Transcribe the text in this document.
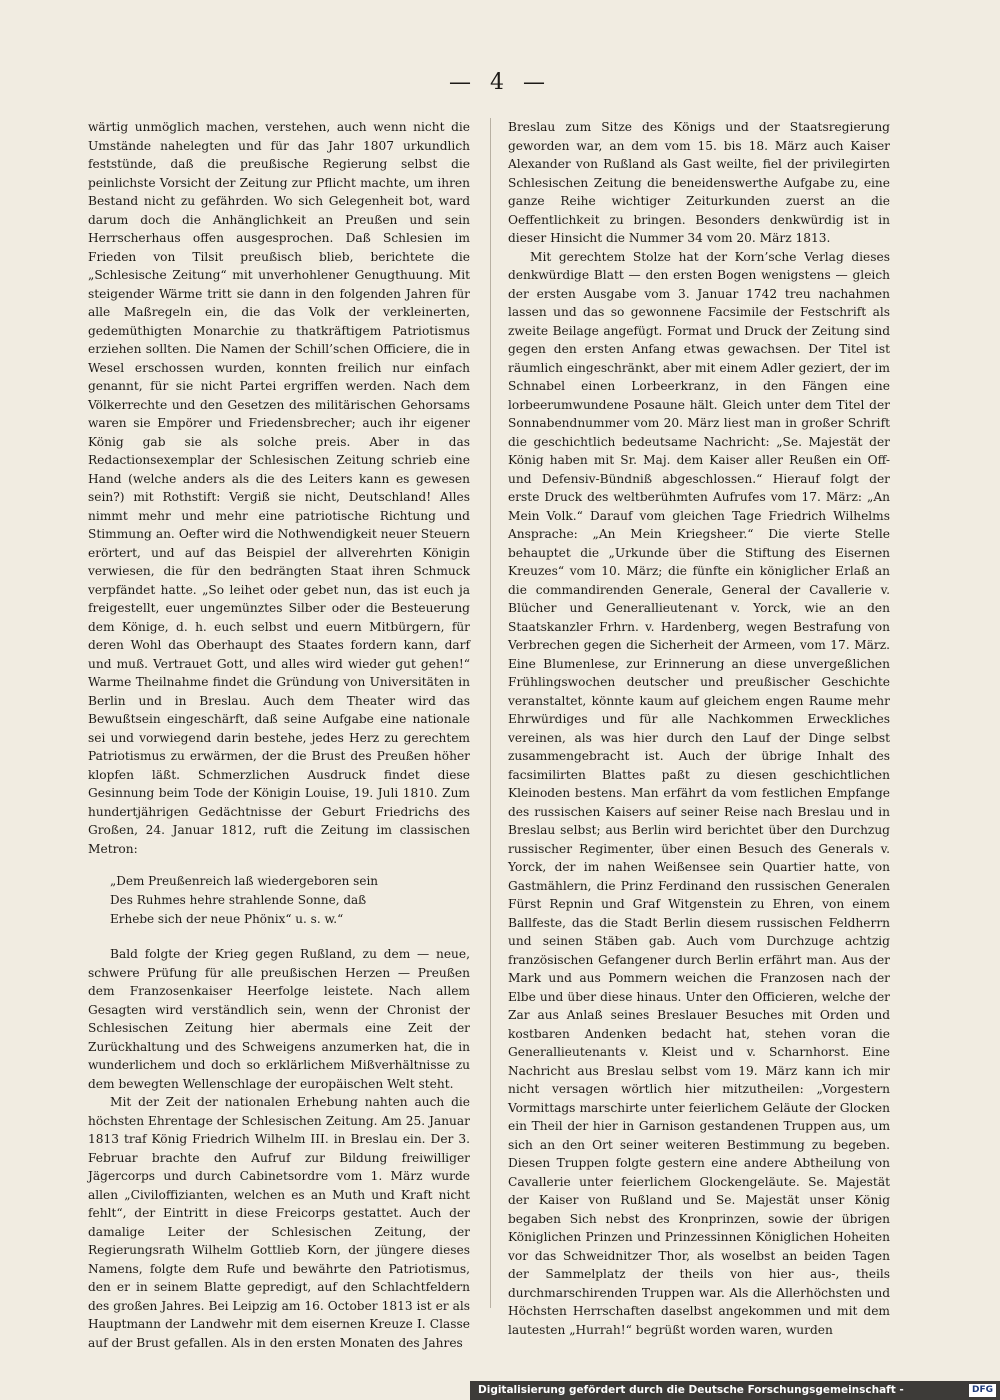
— 4 —

wärtig unmöglich machen, verstehen, auch wenn nicht die Umstände nahelegten und für das Jahr 1807 urkundlich feststünde, daß die preußische Regierung selbst die peinlichste Vorsicht der Zeitung zur Pflicht machte, um ihren Bestand nicht zu gefährden. Wo sich Gelegenheit bot, ward darum doch die Anhänglichkeit an Preußen und sein Herrscherhaus offen ausgesprochen. Daß Schlesien im Frieden von Tilsit preußisch blieb, berichtete die „Schlesische Zeitung“ mit unverhohlener Genugthuung. Mit steigender Wärme tritt sie dann in den folgenden Jahren für alle Maßregeln ein, die das Volk der verkleinerten, gedemüthigten Monarchie zu thatkräftigem Patriotismus erziehen sollten. Die Namen der Schill’schen Officiere, die in Wesel erschossen wurden, konnten freilich nur einfach genannt, für sie nicht Partei ergriffen werden. Nach dem Völkerrechte und den Gesetzen des militärischen Gehorsams waren sie Empörer und Friedensbrecher; auch ihr eigener König gab sie als solche preis. Aber in das Redactionsexemplar der Schlesischen Zeitung schrieb eine Hand (welche anders als die des Leiters kann es gewesen sein?) mit Rothstift: Vergiß sie nicht, Deutschland! Alles nimmt mehr und mehr eine patriotische Richtung und Stimmung an. Oefter wird die Nothwendigkeit neuer Steuern erörtert, und auf das Beispiel der allverehrten Königin verwiesen, die für den bedrängten Staat ihren Schmuck verpfändet hatte. „So leihet oder gebet nun, das ist euch ja freigestellt, euer ungemünztes Silber oder die Besteuerung dem Könige, d. h. euch selbst und euern Mitbürgern, für deren Wohl das Oberhaupt des Staates fordern kann, darf und muß. Vertrauet Gott, und alles wird wieder gut gehen!“ Warme Theilnahme findet die Gründung von Universitäten in Berlin und in Breslau. Auch dem Theater wird das Bewußtsein eingeschärft, daß seine Aufgabe eine nationale sei und vorwiegend darin bestehe, jedes Herz zu gerechtem Patriotismus zu erwärmen, der die Brust des Preußen höher klopfen läßt. Schmerzlichen Ausdruck findet diese Gesinnung beim Tode der Königin Louise, 19. Juli 1810. Zum hundertjährigen Gedächtnisse der Geburt Friedrichs des Großen, 24. Januar 1812, ruft die Zeitung im classischen Metron:

„Dem Preußenreich laß wiedergeboren sein
Des Ruhmes hehre strahlende Sonne, daß
Erhebe sich der neue Phönix“ u. s. w.“

Bald folgte der Krieg gegen Rußland, zu dem — neue, schwere Prüfung für alle preußischen Herzen — Preußen dem Franzosenkaiser Heerfolge leistete. Nach allem Gesagten wird verständlich sein, wenn der Chronist der Schlesischen Zeitung hier abermals eine Zeit der Zurückhaltung und des Schweigens anzumerken hat, die in wunderlichem und doch so erklärlichem Mißverhältnisse zu dem bewegten Wellenschlage der europäischen Welt steht.

Mit der Zeit der nationalen Erhebung nahten auch die höchsten Ehrentage der Schlesischen Zeitung. Am 25. Januar 1813 traf König Friedrich Wilhelm III. in Breslau ein. Der 3. Februar brachte den Aufruf zur Bildung freiwilliger Jägercorps und durch Cabinetsordre vom 1. März wurde allen „Civiloffizianten, welchen es an Muth und Kraft nicht fehlt“, der Eintritt in diese Freicorps gestattet. Auch der damalige Leiter der Schlesischen Zeitung, der Regierungsrath Wilhelm Gottlieb Korn, der jüngere dieses Namens, folgte dem Rufe und bewährte den Patriotismus, den er in seinem Blatte gepredigt, auf den Schlachtfeldern des großen Jahres. Bei Leipzig am 16. October 1813 ist er als Hauptmann der Landwehr mit dem eisernen Kreuze I. Classe auf der Brust gefallen. Als in den ersten Monaten des Jahres

Breslau zum Sitze des Königs und der Staatsregierung geworden war, an dem vom 15. bis 18. März auch Kaiser Alexander von Rußland als Gast weilte, fiel der privilegirten Schlesischen Zeitung die beneidenswerthe Aufgabe zu, eine ganze Reihe wichtiger Zeiturkunden zuerst an die Oeffentlichkeit zu bringen. Besonders denkwürdig ist in dieser Hinsicht die Nummer 34 vom 20. März 1813.

Mit gerechtem Stolze hat der Korn’sche Verlag dieses denkwürdige Blatt — den ersten Bogen wenigstens — gleich der ersten Ausgabe vom 3. Januar 1742 treu nachahmen lassen und das so gewonnene Facsimile der Festschrift als zweite Beilage angefügt. Format und Druck der Zeitung sind gegen den ersten Anfang etwas gewachsen. Der Titel ist räumlich eingeschränkt, aber mit einem Adler geziert, der im Schnabel einen Lorbeerkranz, in den Fängen eine lorbeerumwundene Posaune hält. Gleich unter dem Titel der Sonnabendnummer vom 20. März liest man in großer Schrift die geschichtlich bedeutsame Nachricht: „Se. Majestät der König haben mit Sr. Maj. dem Kaiser aller Reußen ein Off- und Defensiv-Bündniß abgeschlossen.“ Hierauf folgt der erste Druck des weltberühmten Aufrufes vom 17. März: „An Mein Volk.“ Darauf vom gleichen Tage Friedrich Wilhelms Ansprache: „An Mein Kriegsheer.“ Die vierte Stelle behauptet die „Urkunde über die Stiftung des Eisernen Kreuzes“ vom 10. März; die fünfte ein königlicher Erlaß an die commandirenden Generale, General der Cavallerie v. Blücher und Generallieutenant v. Yorck, wie an den Staatskanzler Frhrn. v. Hardenberg, wegen Bestrafung von Verbrechen gegen die Sicherheit der Armeen, vom 17. März. Eine Blumenlese, zur Erinnerung an diese unvergeßlichen Frühlingswochen deutscher und preußischer Geschichte veranstaltet, könnte kaum auf gleichem engen Raume mehr Ehrwürdiges und für alle Nachkommen Erweckliches vereinen, als was hier durch den Lauf der Dinge selbst zusammengebracht ist. Auch der übrige Inhalt des facsimilirten Blattes paßt zu diesen geschichtlichen Kleinoden bestens. Man erfährt da vom festlichen Empfange des russischen Kaisers auf seiner Reise nach Breslau und in Breslau selbst; aus Berlin wird berichtet über den Durchzug russischer Regimenter, über einen Besuch des Generals v. Yorck, der im nahen Weißensee sein Quartier hatte, von Gastmählern, die Prinz Ferdinand den russischen Generalen Fürst Repnin und Graf Witgenstein zu Ehren, von einem Ballfeste, das die Stadt Berlin diesem russischen Feldherrn und seinen Stäben gab. Auch vom Durchzuge achtzig französischen Gefangener durch Berlin erfährt man. Aus der Mark und aus Pommern weichen die Franzosen nach der Elbe und über diese hinaus. Unter den Officieren, welche der Zar aus Anlaß seines Breslauer Besuches mit Orden und kostbaren Andenken bedacht hat, stehen voran die Generallieutenants v. Kleist und v. Scharnhorst. Eine Nachricht aus Breslau selbst vom 19. März kann ich mir nicht versagen wörtlich hier mitzutheilen: „Vorgestern Vormittags marschirte unter feierlichem Geläute der Glocken ein Theil der hier in Garnison gestandenen Truppen aus, um sich an den Ort seiner weiteren Bestimmung zu begeben. Diesen Truppen folgte gestern eine andere Abtheilung von Cavallerie unter feierlichem Glockengeläute. Se. Majestät der Kaiser von Rußland und Se. Majestät unser König begaben Sich nebst des Kronprinzen, sowie der übrigen Königlichen Prinzen und Prinzessinnen Königlichen Hoheiten vor das Schweidnitzer Thor, als woselbst an beiden Tagen der Sammelplatz der theils von hier aus-, theils durchmarschirenden Truppen war. Als die Allerhöchsten und Höchsten Herrschaften daselbst angekommen und mit dem lautesten „Hurrah!“ begrüßt worden waren, wurden

Digitalisierung gefördert durch die Deutsche Forschungsgemeinschaft -	DFG
